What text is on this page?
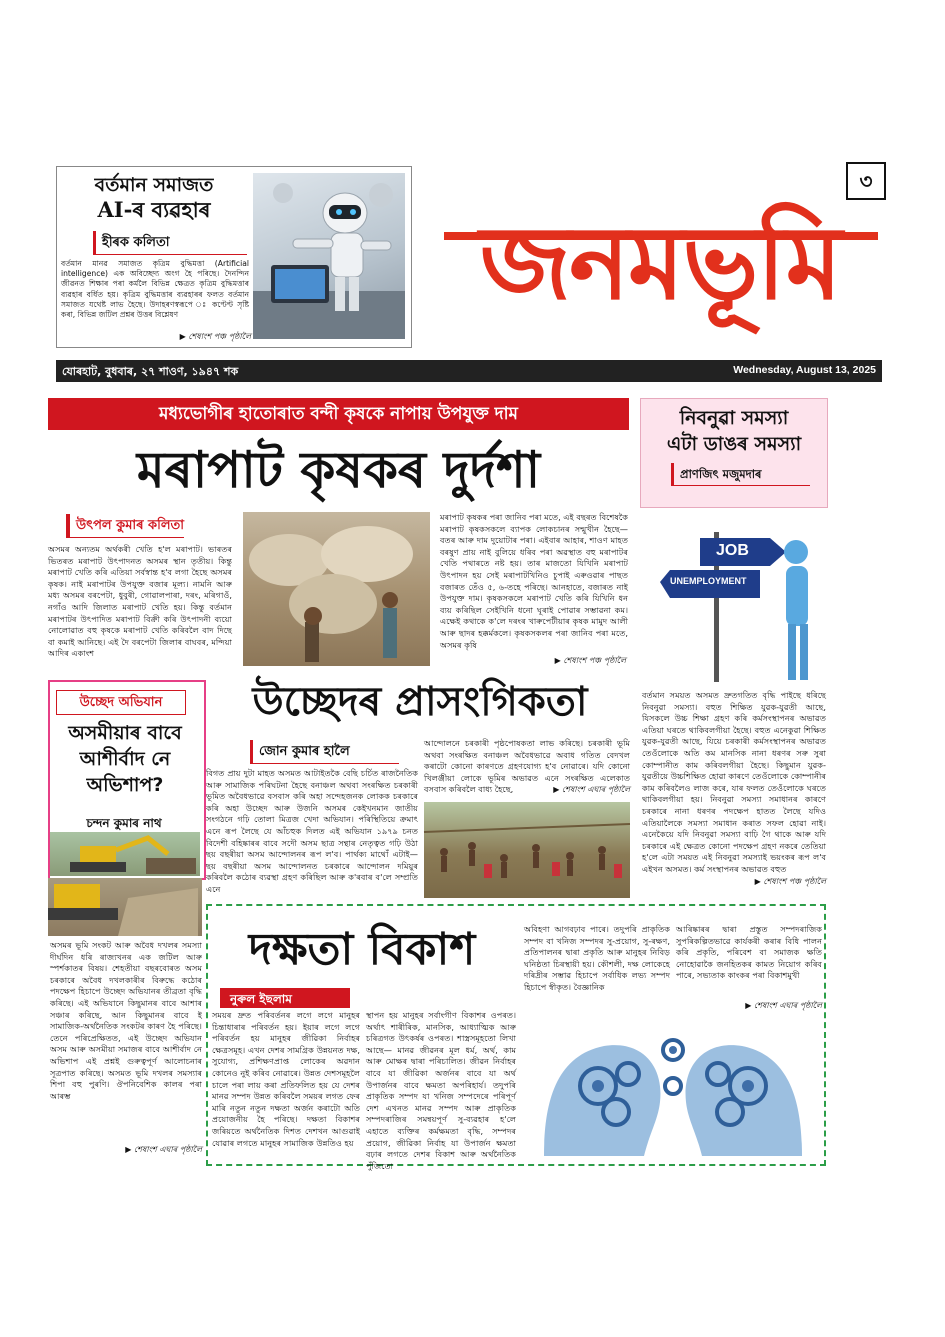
বৰ্তমান সমাজত
AI-ৰ ব্যৱহাৰ
হীৰক কলিতা
বৰ্তমান মানৱ সমাজত কৃত্ৰিম বুদ্ধিমত্তা (Artificial intelligence) এক অবিচ্ছেদ্য অংগ হৈ পৰিছে। দৈনন্দিন জীৱনত শিক্ষাৰ পৰা কৰ্মলৈ বিভিন্ন ক্ষেত্ৰত কৃত্ৰিম বুদ্ধিমত্তাৰ ব্যৱহাৰ বৰ্ধিত হয়। কৃত্ৰিম বুদ্ধিমত্তাৰ ব্যৱহাৰৰ ফলত বৰ্তমান সমাজত যথেষ্ট লাভ হৈছে। উদাহৰণস্বৰূপে ঃ কণ্টেণ্ট সৃষ্টি কৰা, বিভিন্ন জটিল প্ৰশ্নৰ উত্তৰ বিশ্লেষণ
▶ শেষাংশ পঞ্চ পৃষ্ঠালৈ
৩
জনমভূমি
যোৰহাট, বুধবাৰ, ২৭ শাওণ, ১৯৪৭ শক	Wednesday, August 13, 2025
মধ্যভোগীৰ হাতোৰাত বন্দী কৃষকে নাপায় উপযুক্ত দাম
মৰাপাট কৃষকৰ দুৰ্দশা
উৎপল কুমাৰ কলিতা
অসমৰ অন্যতম অৰ্থকৰী খেতি হ'ল মৰাপাট। ভাৰতৰ ভিতৰত মৰাপাট উৎপাদনত অসমৰ স্থান তৃতীয়। কিন্তু মৰাপাট খেতি কৰি এতিয়া সৰ্বস্বান্ত হ'ব লগা হৈছে অসমৰ কৃষক। নাই মৰাপাটৰ উপযুক্ত বজাৰ মূল্য। নামনি আৰু মধ্য অসমৰ বৰপেটা, ধুবুৰী, গোৱালপাৰা, দৰং, মৰিগাওঁ, নগাঁও আদি জিলাত মৰাপাট খেতি হয়। কিন্তু বৰ্তমান মৰাপাটৰ উৎপাদিত মৰাপাট বিক্ৰী কৰি উৎপাদনী ব্যয়ো নোলোৱাত বহু কৃষকে মৰাপাট খেতি কৰিবলৈ বাদ দিছে বা কমাই আনিছে। এই দৈ বৰপেটা জিলাৰ বাঘবৰ, মন্দিয়া আদিৰ একাংশ
মৰাপাট কৃষকৰ পৰা জানিব পৰা মতে, এই বছৰত বিশেষকৈ মৰাপাট কৃষকসকলে ব্যাপক লোকচানৰ সন্মুখীন হৈছে— বতৰ আৰু দাম দুয়োটাৰ পৰা। এইবাৰ আহাৰ, শাওণ মাহত বৰষুণ প্ৰায় নাই বুলিয়ে ধৰিব পৰা অৱস্থাত বহু মৰাপাটৰ খেতি পথাৰতে নষ্ট হয়। তাৰ মাজতো যিখিনি মৰাপাট উৎপাদন হয় সেই মৰাপাটখিনিও চুপাই এৰুওৱাৰ পাছত বজাৰত তেঁও ৫, ৬-তহে পৰিছে। আনহাতে, বজাৰত নাই উপযুক্ত দাম। কৃষকসকলে মৰাপাট খেতি কৰি যিখিনি ধন ব্যয় কৰিছিল সেইখিনি ধনো ঘূৰাই পোৱাৰ সম্ভাৱনা কম। এক্ষেই কথাকে ক'লে দৰংৰ খাৰুপেটীয়াৰ কৃষক মামুদ আলী আৰু ছাদৰ হক্কৰ্মকলে। কৃষকসকলৰ পৰা জানিব পৰা মতে, অসমৰ কৃষি
▶ শেষাংশ পঞ্চ পৃষ্ঠালৈ
নিবনুৱা সমস্যা
এটা ডাঙৰ সমস্যা
প্ৰাণজিৎ মজুমদাৰ
JOB
UNEMPLOYMENT
বৰ্তমান সময়ত অসমত দ্ৰুতগতিত বৃদ্ধি পাইছে ধৰিছে নিবনুৱা সমস্যা। বহুত শিক্ষিত যুৱক-যুৱতী আছে, যিসকলে উচ্চ শিক্ষা গ্ৰহণ কৰি কৰ্মসংস্থাপনৰ অভাৱত এতিয়া ঘৰতে থাকিবলগীয়া হৈছে। বহুত এনেকুৱা শিক্ষিত যুৱক-যুৱতী আছে, যিয়ে চৰকাৰী কৰ্মসংস্থাপনৰ অভাৱত তেওঁলোকে অতি কম মানসিক নানা ধৰণৰ সৰু সুৰা কোম্পানীত কাম কৰিবলগীয়া হৈছে। কিছুমান যুৱক-যুৱতীয়ে উচ্চশিক্ষিত হোৱা কাৰণে তেওঁলোকে কোম্পানীৰ কাম কৰিবলৈও লাজ কৰে, যাৰ ফলত তেওঁলোকে ঘৰতে থাকিবলগীয়া হয়। নিবনুৱা সমস্যা সমাধানৰ কাৰণে চৰকাৰে নানা ধৰণৰ পদক্ষেপ হাতত লৈছে যদিও এতিয়ালৈকে সমস্যা সমাধান কৰাত সফল হোৱা নাই। এনেকৈয়ে যদি নিবনুৱা সমস্যা বাঢ়ি গৈ থাকে আৰু যদি চৰকাৰে এই ক্ষেত্ৰত কোনো পদক্ষেপ গ্ৰহণ নকৰে তেতিয়া হ'লে এটা সময়ত এই নিবনুৱা সমস্যাই ভয়ংকৰ ৰূপ ল'ব এইখন অসমত। কৰ্ম সংস্থাপনৰ অভাৱত বহুত
▶ শেষাংশ পঞ্চ পৃষ্ঠালৈ
উচ্ছেদ অভিযান
অসমীয়াৰ বাবে আশীৰ্বাদ নে অভিশাপ?
চন্দন কুমাৰ নাথ
অসমৰ ভূমি সংকট আৰু অবৈধ দখলৰ সমস্যা দীৰ্ঘদিন ধৰি ৰাজ্যখনৰ এক জটিল আৰু স্পৰ্শকাতৰ বিষয়। শেহতীয়া বছৰবোৰত অসম চৰকাৰে অবৈধ দখলকাৰীৰ বিৰুদ্ধে কঠোৰ পদক্ষেপ হিচাপে উচ্ছেদ অভিযানৰ তীব্ৰতা বৃদ্ধি কৰিছে। এই অভিযানে কিছুমানৰ বাবে আশাৰ সঞ্চাৰ কৰিছে, আন কিছুমানৰ বাবে ই সামাজিক-অৰ্থনৈতিক সংকটৰ কাৰণ হৈ পৰিছে। তেনে পৰিপ্ৰেক্ষিতত, এই উচ্ছেদ অভিযান অসম আৰু অসমীয়া সমাজৰ বাবে আশীৰ্বাদ নে অভিশাপ এই প্ৰশ্নই গুৰুত্বপূৰ্ণ আলোচনাৰ সূত্ৰপাত কৰিছে। অসমত ভূমি দখলৰ সমস্যাৰ শিপা বহু পুৰণি। ঔপনিবেশিক কালৰ পৰা আৰম্ভ
▶ শেষাংশ এঘাৰ পৃষ্ঠালৈ
উচ্ছেদৰ প্ৰাসংগিকতা
জোন কুমাৰ হালৈ
বিগত প্ৰায় দুটা মাহত অসমত আটাইতকৈ বেছি চৰ্চিত ৰাজনৈতিক আৰু সামাজিক পৰিঘটনা হৈছে বনাঞ্চল অথবা সংৰক্ষিত চৰকাৰী ভূমিত অবৈধভাৱে বসবাস কৰি অহা সন্দেহজনক লোকক চৰকাৰে কৰি অহা উচ্ছেদ আৰু উজনি অসমৰ কেইখনমান জাতীয় সংগঠনে গঢ়ি তোলা মিত্ৰজ খেদা অভিযান। পৰিস্থিতিয়ে ক্ৰমাৎ এনে ৰূপ লৈছে যে আঁচহুক দিলত এই অভিযান ১৯৭৯ চনত বিদেশী বহিষ্কাৰৰ বাবে সদৌ অসম ছাত্ৰ সন্থাৰ নেতৃত্বত গঢ়ি উঠা ছয় বছৰীয়া অসম আন্দোলনৰ ৰূপ ল'ব। পাৰ্থক্য মাথোঁ এটাই— ছয় বছৰীয়া অসম আন্দোলনত চৰকাৰে আন্দোলন দমিয়ুৰ কৰিবলৈ কঠোৰ ব্যৱস্থা গ্ৰহণ কৰিছিল আৰু ক'ৰবাৰ ব'লে সম্প্ৰতি এনে
আন্দোলনে চৰকাৰী পৃষ্ঠপোষকতা লাভ কৰিছে। চৰকাৰী ভূমি অথবা সংৰক্ষিত বনাঞ্চল অবৈধভাৱে অবাধ গতিত বেদখল কৰাটো কোনো কাৰণতে গ্ৰহণযোগ্য হ'ব নোৱাৰে। যদি কোনো খিলঞ্জীয়া লোকে ভূমিৰ অভাৱত এনে সংৰক্ষিত এলেকাত বসবাস কৰিবলৈ বাধ্য হৈছে,	▶ শেষাংশ এঘাৰ পৃষ্ঠালৈ
দক্ষতা বিকাশ
নুৰুল ইছলাম
সময়ৰ দ্ৰুত পৰিবৰ্তনৰ লগে লগে মানুহৰ চিন্তাধাৰাৰ পৰিবৰ্তন হয়। ইয়াৰ লগে লগে পৰিবৰ্তন হয় মানুহৰ জীৱিকা নিৰ্বাহৰ ক্ষেত্ৰসমূহ। এখন দেশৰ সামগ্ৰিক উন্নয়নত দক্ষ, সুযোগ্য, প্ৰশিক্ষণপ্ৰাপ্ত লোকেৰ অৱদান কোনেও নুই কৰিব নোৱাৰে। উন্নত দেশসমূহলৈ চালে পৰা লায় কৰা প্ৰতিফলিত হয় যে দেশৰ মানৱ সম্পদ উন্নত কৰিবলৈ সময়ৰ লগত ফেৰ মাৰি নতুন নতুন দক্ষতা অৰ্জন কৰাটো অতি প্ৰয়োজনীয় হৈ পৰিছে। দক্ষতা বিকাশৰ জৰিয়তে অৰ্থনৈতিক দিশত দেশখন আগুৱাই যোৱাৰ লগতে মানুহৰ সামাজিক উন্নতিও হয়
স্থাপন হয় মানুহৰ সৰ্বাংগীণ বিকাশৰ ওপৰত। অৰ্থাৎ শাৰীৰিক, মানসিক, আধ্যাত্মিক আৰু চৰিত্ৰগত উৎকৰ্ষৰ ওপৰত। শাস্ত্ৰসমূহতো লিখা আছে— মানৱ জীৱনৰ মূল ধৰ্ম, অৰ্থ, কাম আৰু মোক্ষৰ দ্বাৰা পৰিচালিত। জীৱন নিৰ্বাহৰ বাবে যা জীৱিকা অৰ্জনৰ বাবে যা অৰ্থ উপাৰ্জনৰ বাবে ক্ষমতা অপৰিহাৰ্য। তদুপৰি প্ৰাকৃতিক সম্পদ যা খনিজ সম্পদেৰে পৰিপূৰ্ণ দেশ এখনত মানৱ সম্পদ আৰু প্ৰাকৃতিক সম্পদৰাজিৰ সমন্বয়পূৰ্ণ সু-ব্যৱহাৰ হ'লে এহাতে ব্যক্তিৰ কৰ্মক্ষমতা বৃদ্ধি, সম্পদৰ প্ৰয়োগ, জীৱিকা নিৰ্বাহ যা উপাৰ্জন ক্ষমতা বঢ়াৰ লগতে দেশৰ বিকাশ আৰু অৰ্থনৈতিক পুঁজিতো
অবিহণা আগবঢ়াব পাৰে। তদুপৰি প্ৰাকৃতিক সম্পদ বা খনিজ সম্পদৰ সু-প্ৰয়োগ, সু-ৰক্ষণ, প্ৰতিপালনৰ দ্বাৰা প্ৰকৃতি আৰু মানুহৰ নিবিড় ঘনিষ্ঠতা চিৰস্থায়ী হয়। কৌশলী, দক্ষ লোকেহে দৰিদ্ৰীৰ সম্ভাৱ হিচাপে সৰ্বাধিক লভ্য সম্পদ হিচাপে স্বীকৃত। বৈজ্ঞানিক
আৰিষ্কাৰৰ দ্বাৰা প্ৰস্তুত সম্পদৰাজিক সুপৰিকল্পিতভাৱে কাৰ্যকৰী কৰাৰ বিধি পালন কৰি প্ৰকৃতি, পৰিবেশ বা সমাজক ক্ষতি নোহোৱাকৈ জনহিতকৰ কামত নিয়োগ কৰিব পাৰে, সভ্যতাক কাংকৰ পৰা বিকাশমুখী
▶ শেষাংশ এঘাৰ পৃষ্ঠালৈ
